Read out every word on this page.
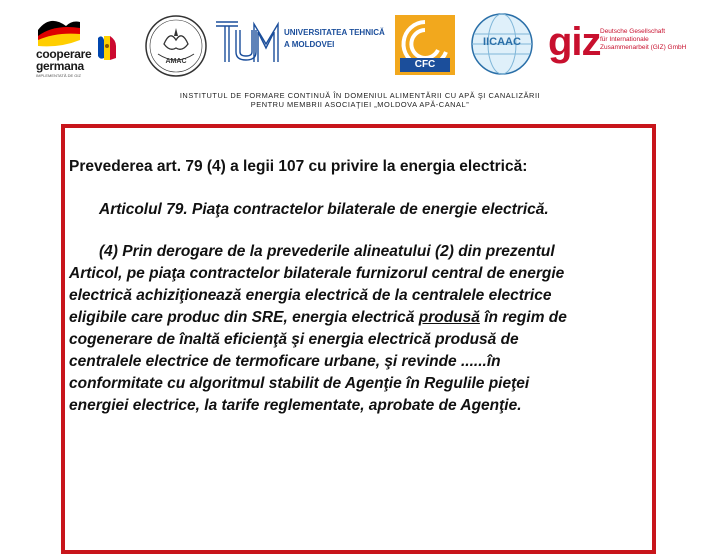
cooperare
germana
IMPLEMENTATĂ DE GIZ
AMAC
UNIVERSITATEA TEHNICĂ
A MOLDOVEI
CFC
IICAAC giz Deutsche Gesellschaft
für Internationale
Zusammenarbeit (GIZ) GmbH
INSTITUTUL DE FORMARE CONTINUĂ ÎN DOMENIUL ALIMENTĂRII CU APĂ ŞI CANALIZĂRII
PENTRU MEMBRII ASOCIAŢIEI „MOLDOVA APĂ-CANAL”
Prevederea art. 79 (4) a legii 107 cu privire la energia electrică:
Articolul 79. Piaţa contractelor bilaterale de energie electrică.
(4) Prin derogare de la prevederile alineatului (2) din prezentul
Articol, pe piaţa contractelor bilaterale furnizorul central de energie
electrică achiziţionează energia electrică de la centralele electrice
eligibile care produc din SRE, energia electrică produsă în regim de
cogenerare de înaltă eficienţă şi energia electrică produsă de
centralele electrice de termoficare urbane, şi revinde ......în
conformitate cu algoritmul stabilit de Agenţie în Regulile pieţei
energiei electrice, la tarife reglementate, aprobate de Agenţie.
